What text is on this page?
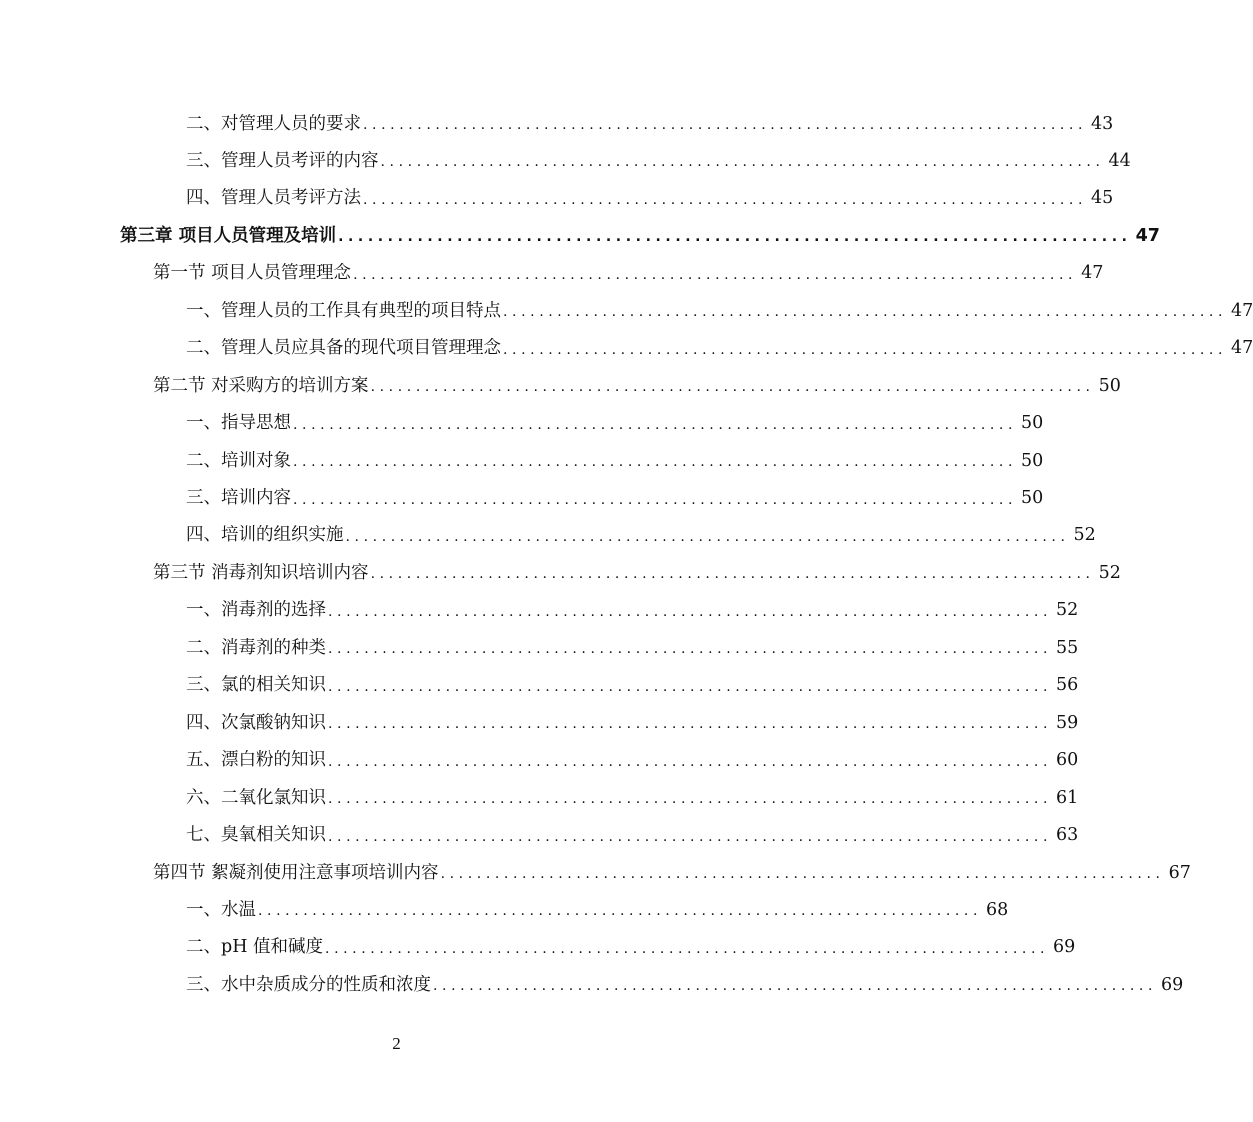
二、对管理人员的要求 ................................................................................ 43
三、管理人员考评的内容 ................................................................................ 44
四、管理人员考评方法 ................................................................................ 45
第三章 项目人员管理及培训 ................................................................................ 47
第一节 项目人员管理理念 ................................................................................ 47
一、管理人员的工作具有典型的项目特点 ................................................................................ 47
二、管理人员应具备的现代项目管理理念 ................................................................................ 47
第二节 对采购方的培训方案 ................................................................................ 50
一、指导思想 ................................................................................ 50
二、培训对象 ................................................................................ 50
三、培训内容 ................................................................................ 50
四、培训的组织实施 ................................................................................ 52
第三节 消毒剂知识培训内容 ................................................................................ 52
一、消毒剂的选择 ................................................................................ 52
二、消毒剂的种类 ................................................................................ 55
三、氯的相关知识 ................................................................................ 56
四、次氯酸钠知识 ................................................................................ 59
五、漂白粉的知识 ................................................................................ 60
六、二氧化氯知识 ................................................................................ 61
七、臭氧相关知识 ................................................................................ 63
第四节 絮凝剂使用注意事项培训内容 ................................................................................ 67
一、水温 ................................................................................ 68
二、pH 值和碱度 ................................................................................ 69
三、水中杂质成分的性质和浓度 ................................................................................ 69
2
